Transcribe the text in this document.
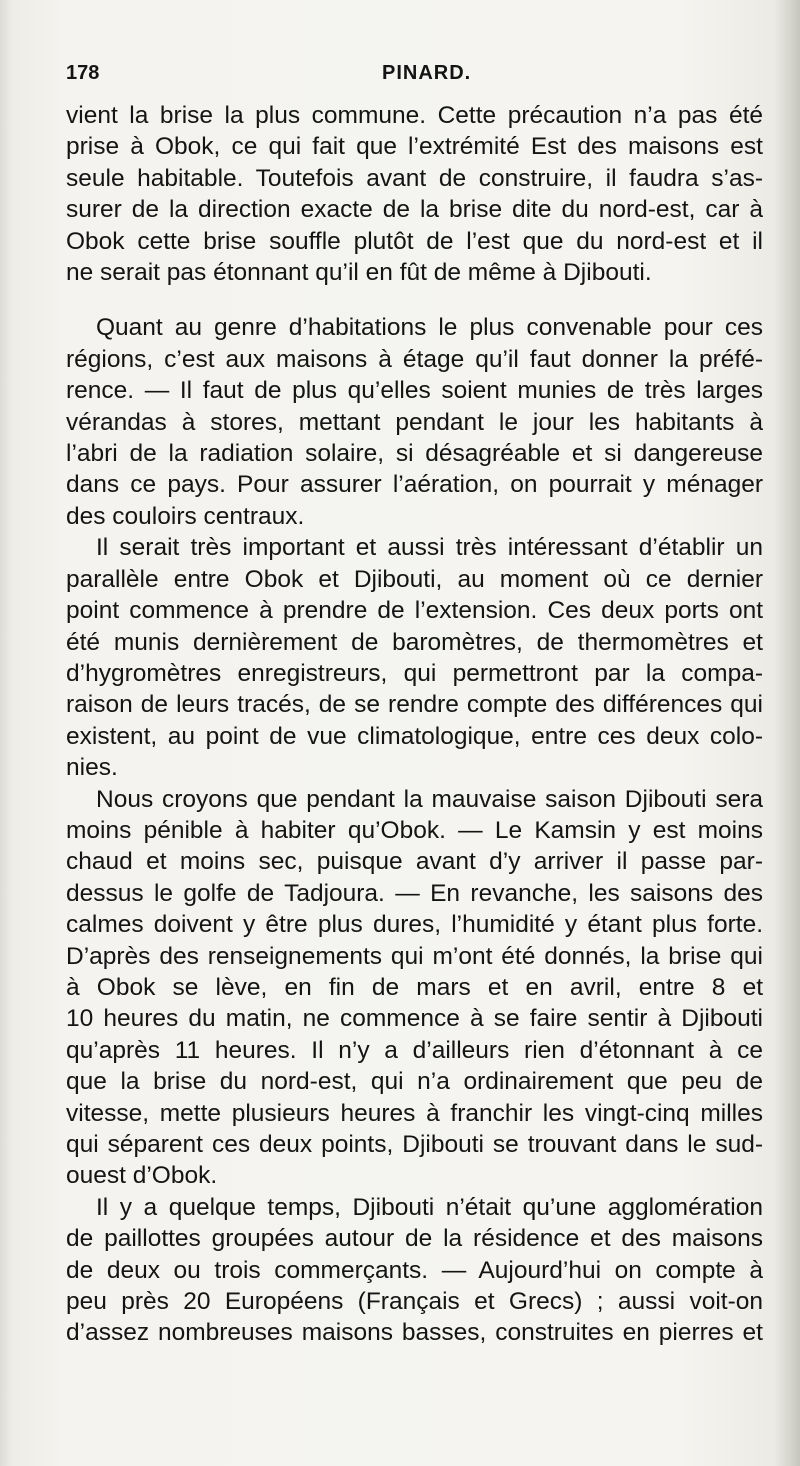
178	PINARD.
vient la brise la plus commune. Cette précaution n’a pas été
prise à Obok, ce qui fait que l’extrémité Est des maisons est
seule habitable. Toutefois avant de construire, il faudra s’as-
surer de la direction exacte de la brise dite du nord-est, car à
Obok cette brise souffle plutôt de l’est que du nord-est et il
ne serait pas étonnant qu’il en fût de même à Djibouti.
Quant au genre d’habitations le plus convenable pour ces
régions, c’est aux maisons à étage qu’il faut donner la préfé-
rence. — Il faut de plus qu’elles soient munies de très larges
vérandas à stores, mettant pendant le jour les habitants à
l’abri de la radiation solaire, si désagréable et si dangereuse
dans ce pays. Pour assurer l’aération, on pourrait y ménager
des couloirs centraux.
Il serait très important et aussi très intéressant d’établir un
parallèle entre Obok et Djibouti, au moment où ce dernier
point commence à prendre de l’extension. Ces deux ports ont
été munis dernièrement de baromètres, de thermomètres et
d’hygromètres enregistreurs, qui permettront par la compa-
raison de leurs tracés, de se rendre compte des différences qui
existent, au point de vue climatologique, entre ces deux colo-
nies.
Nous croyons que pendant la mauvaise saison Djibouti sera
moins pénible à habiter qu’Obok. — Le Kamsin y est moins
chaud et moins sec, puisque avant d’y arriver il passe par-
dessus le golfe de Tadjoura. — En revanche, les saisons des
calmes doivent y être plus dures, l’humidité y étant plus forte.
D’après des renseignements qui m’ont été donnés, la brise qui
à Obok se lève, en fin de mars et en avril, entre 8 et
10 heures du matin, ne commence à se faire sentir à Djibouti
qu’après 11 heures. Il n’y a d’ailleurs rien d’étonnant à ce
que la brise du nord-est, qui n’a ordinairement que peu de
vitesse, mette plusieurs heures à franchir les vingt-cinq milles
qui séparent ces deux points, Djibouti se trouvant dans le sud-
ouest d’Obok.
Il y a quelque temps, Djibouti n’était qu’une agglomération
de paillottes groupées autour de la résidence et des maisons
de deux ou trois commerçants. — Aujourd’hui on compte à
peu près 20 Européens (Français et Grecs) ; aussi voit-on
d’assez nombreuses maisons basses, construites en pierres et
